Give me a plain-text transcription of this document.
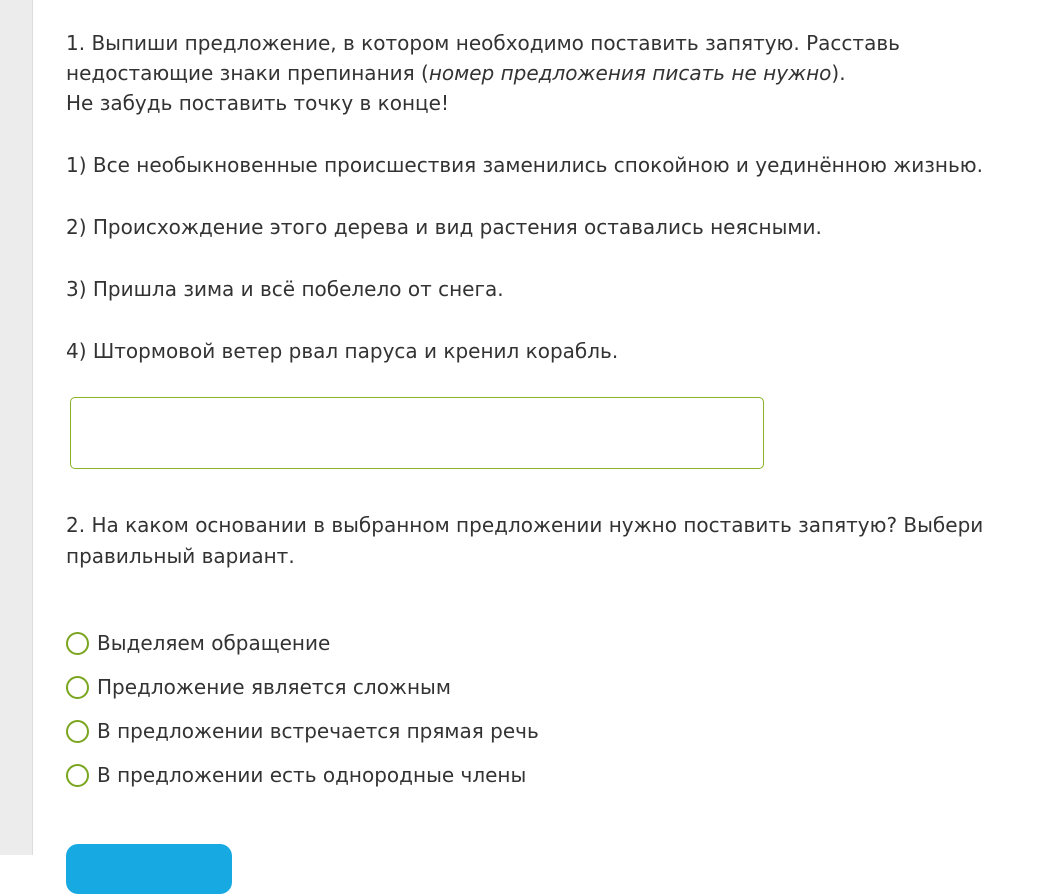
1. Выпиши предложение, в котором необходимо поставить запятую. Расставь
недостающие знаки препинания (номер предложения писать не нужно).
Не забудь поставить точку в конце!

1) Все необыкновенные происшествия заменились спокойною и уединённою жизнью.

2) Происхождение этого дерева и вид растения оставались неясными.

3) Пришла зима и всё побелело от снега.

4) Штормовой ветер рвал паруса и кренил корабль.

2. На каком основании в выбранном предложении нужно поставить запятую? Выбери правильный вариант.

Выделяем обращение
Предложение является сложным
В предложении встречается прямая речь
В предложении есть однородные члены
